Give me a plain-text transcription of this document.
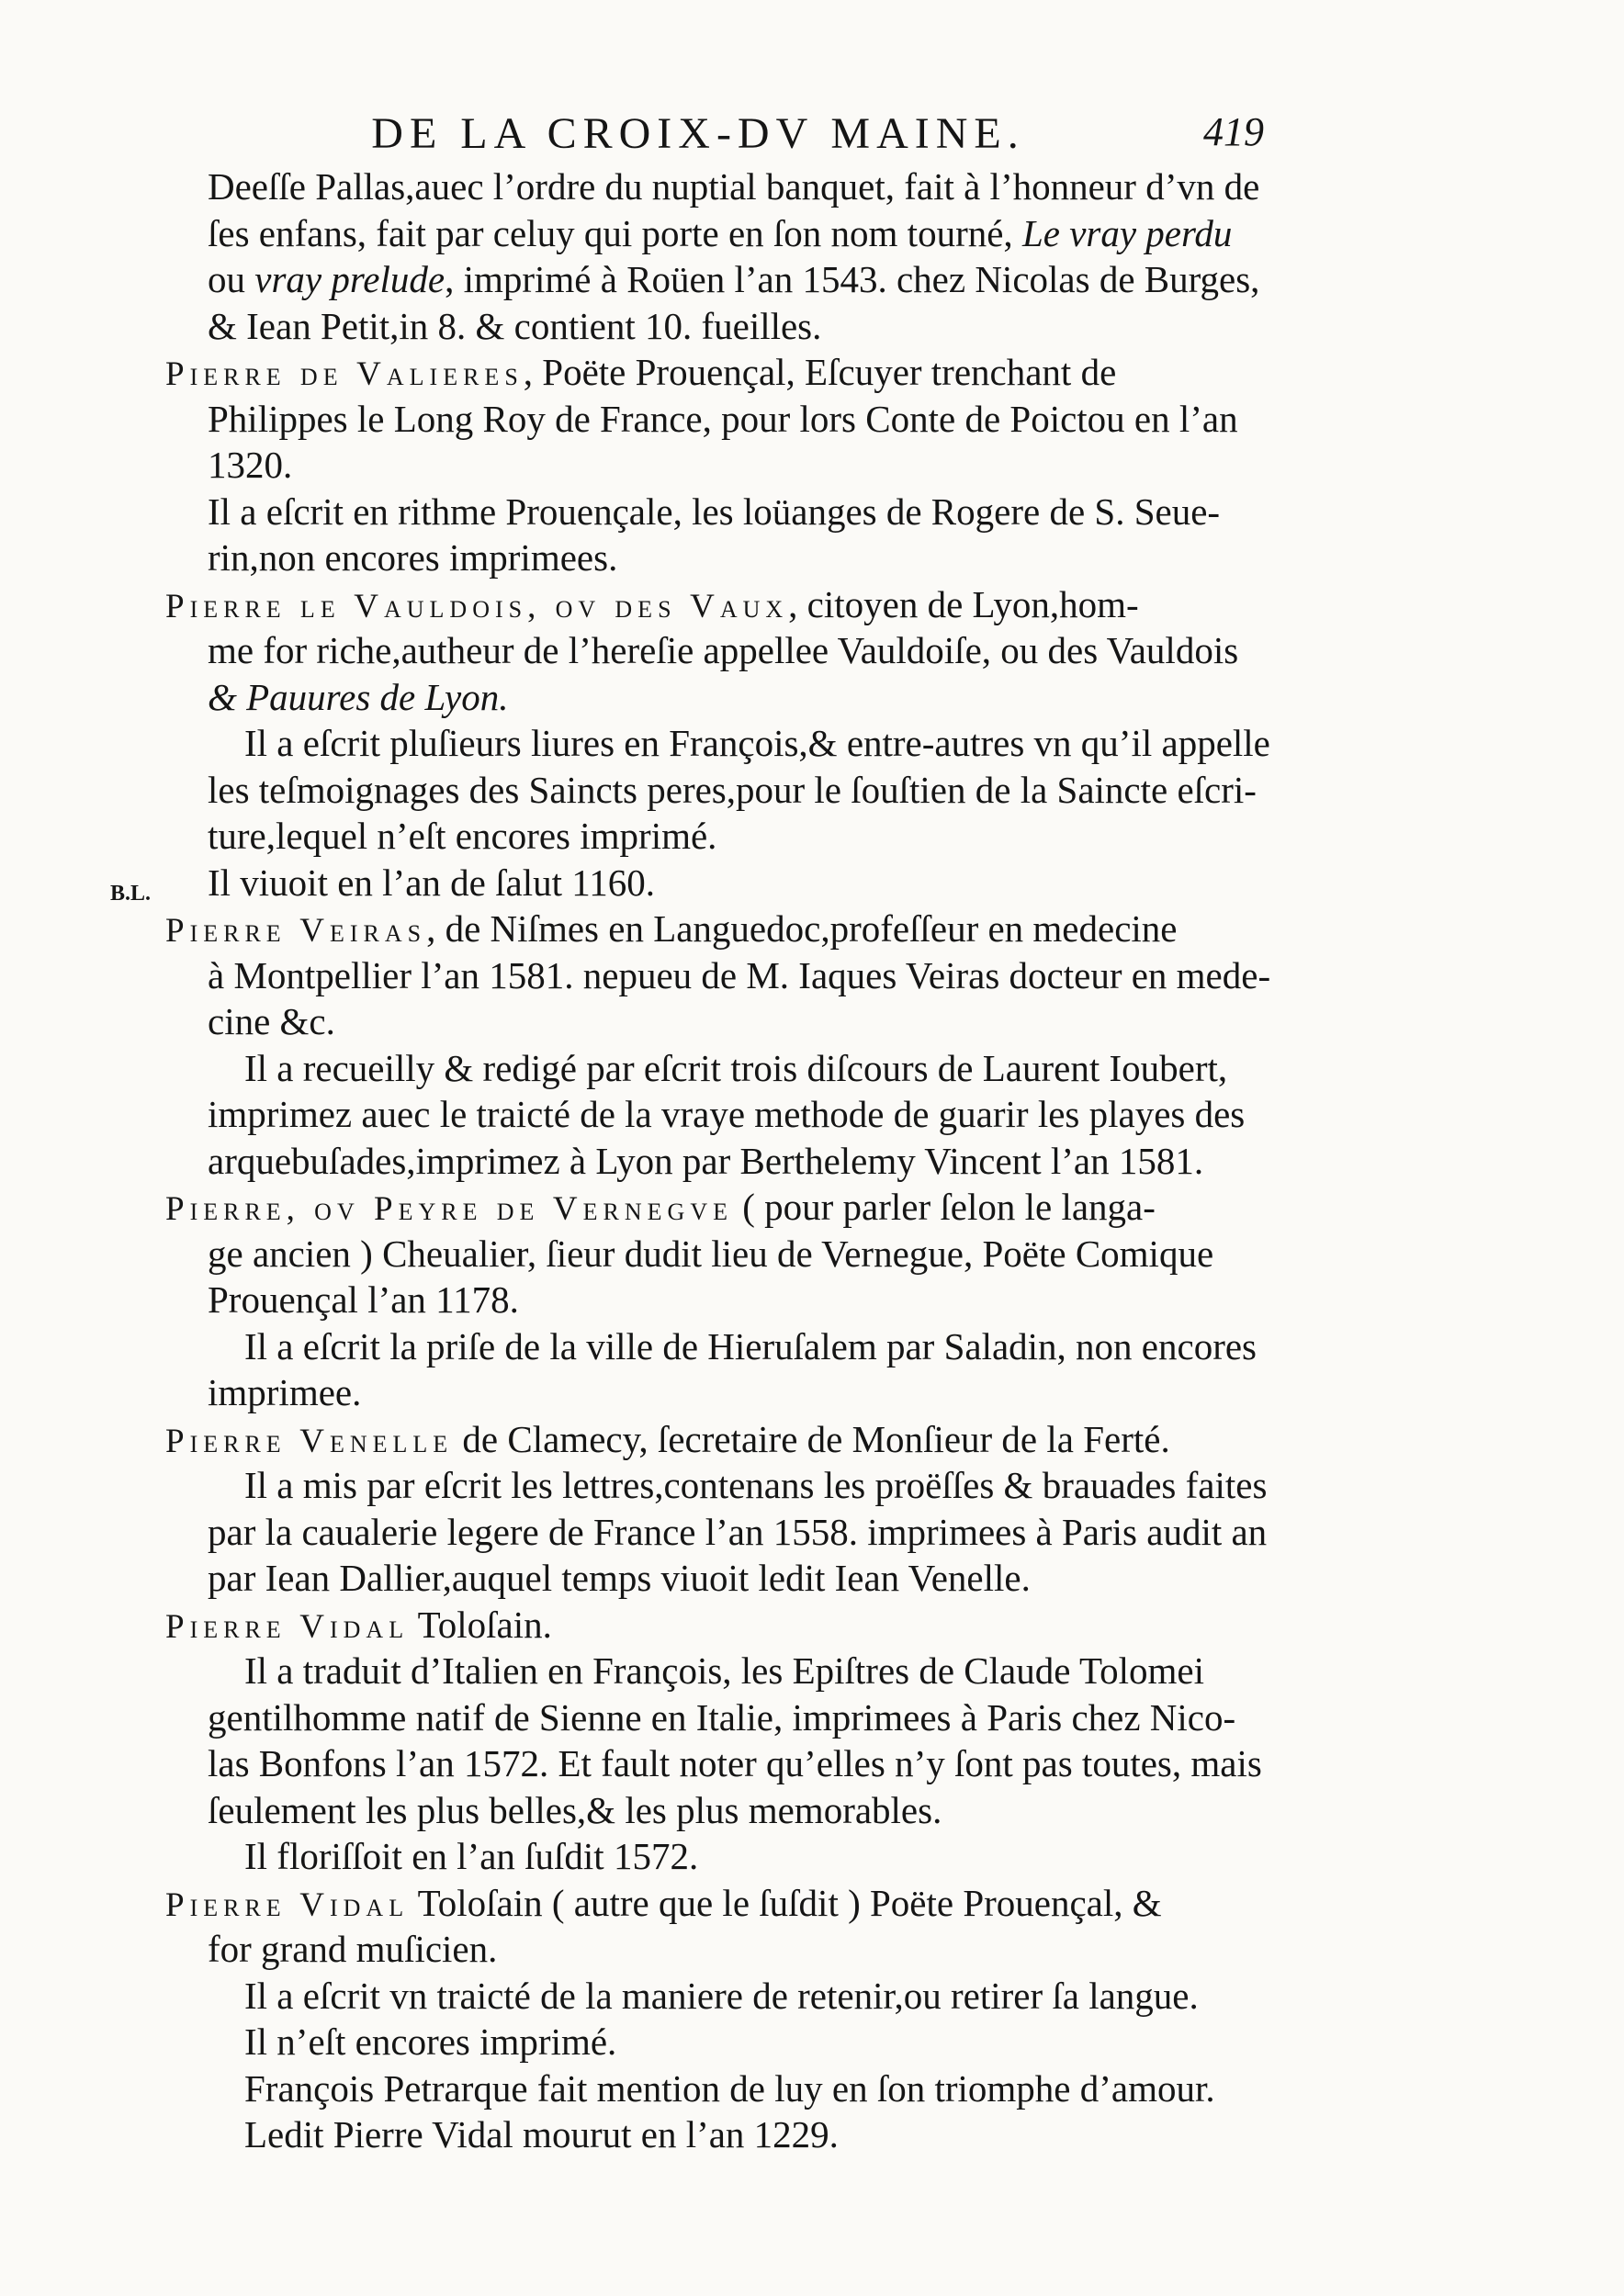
DE LA CROIX-DV MAINE.	419
B.L.
Deeſſe Pallas,auec l’ordre du nuptial banquet, fait à l’honneur d’vn de
ſes enfans, fait par celuy qui porte en ſon nom tourné, Le vray perdu
ou vray prelude, imprimé à Roüen l’an 1543. chez Nicolas de Burges,
& Iean Petit,in 8. & contient 10. fueilles.
Pierre de Valieres, Poëte Prouençal, Eſcuyer trenchant de
Philippes le Long Roy de France, pour lors Conte de Poictou en l’an
1320.
Il a eſcrit en rithme Prouençale, les loüanges de Rogere de S. Seue-
rin,non encores imprimees.
Pierre le Vauldois, ov des Vaux, citoyen de Lyon,hom-
me for riche,autheur de l’hereſie appellee Vauldoiſe, ou des Vauldois
& Pauures de Lyon.
Il a eſcrit pluſieurs liures en François,& entre-autres vn qu’il appelle
les teſmoignages des Saincts peres,pour le ſouſtien de la Saincte eſcri-
ture,lequel n’eſt encores imprimé.
Il viuoit en l’an de ſalut 1160.
Pierre Veiras, de Niſmes en Languedoc,profeſſeur en medecine
à Montpellier l’an 1581. nepueu de M. Iaques Veiras docteur en mede-
cine &c.
Il a recueilly & redigé par eſcrit trois diſcours de Laurent Ioubert,
imprimez auec le traicté de la vraye methode de guarir les playes des
arquebuſades,imprimez à Lyon par Berthelemy Vincent l’an 1581.
Pierre, ov Peyre de Vernegve ( pour parler ſelon le langa-
ge ancien ) Cheualier, ſieur dudit lieu de Vernegue, Poëte Comique
Prouençal l’an 1178.
Il a eſcrit la priſe de la ville de Hieruſalem par Saladin, non encores
imprimee.
Pierre Venelle de Clamecy, ſecretaire de Monſieur de la Ferté.
Il a mis par eſcrit les lettres,contenans les proëſſes & brauades faites
par la caualerie legere de France l’an 1558. imprimees à Paris audit an
par Iean Dallier,auquel temps viuoit ledit Iean Venelle.
Pierre Vidal Toloſain.
Il a traduit d’Italien en François, les Epiſtres de Claude Tolomei
gentilhomme natif de Sienne en Italie, imprimees à Paris chez Nico-
las Bonfons l’an 1572. Et fault noter qu’elles n’y ſont pas toutes, mais
ſeulement les plus belles,& les plus memorables.
Il floriſſoit en l’an ſuſdit 1572.
Pierre Vidal Toloſain ( autre que le ſuſdit ) Poëte Prouençal, &
for grand muſicien.
Il a eſcrit vn traicté de la maniere de retenir,ou retirer ſa langue.
Il n’eſt encores imprimé.
François Petrarque fait mention de luy en ſon triomphe d’amour.
Ledit Pierre Vidal mourut en l’an 1229.
